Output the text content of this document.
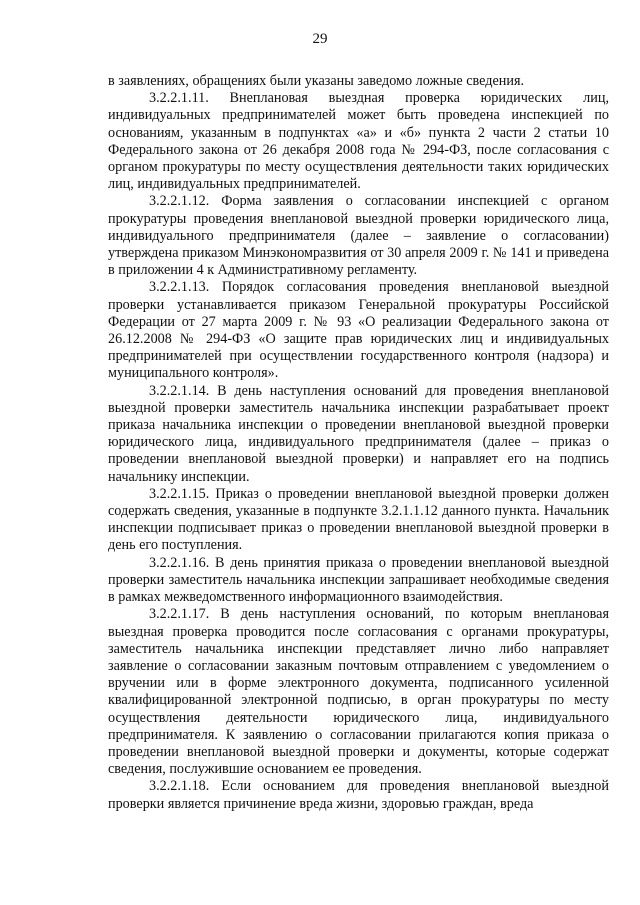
29

в заявлениях, обращениях были указаны заведомо ложные сведения.

3.2.2.1.11. Внеплановая выездная проверка юридических лиц, индивидуальных предпринимателей может быть проведена инспекцией по основаниям, указанным в подпунктах «а» и «б» пункта 2 части 2 статьи 10 Федерального закона от 26 декабря 2008 года № 294-ФЗ, после согласования с органом прокуратуры по месту осуществления деятельности таких юридических лиц, индивидуальных предпринимателей.

3.2.2.1.12. Форма заявления о согласовании инспекцией с органом прокуратуры проведения внеплановой выездной проверки юридического лица, индивидуального предпринимателя (далее – заявление о согласовании) утверждена приказом Минэкономразвития от 30 апреля 2009 г. № 141 и приведена в приложении 4 к Административному регламенту.

3.2.2.1.13. Порядок согласования проведения внеплановой выездной проверки устанавливается приказом Генеральной прокуратуры Российской Федерации от 27 марта 2009 г. № 93 «О реализации Федерального закона от 26.12.2008 № 294-ФЗ «О защите прав юридических лиц и индивидуальных предпринимателей при осуществлении государственного контроля (надзора) и муниципального контроля».

3.2.2.1.14. В день наступления оснований для проведения внеплановой выездной проверки заместитель начальника инспекции разрабатывает проект приказа начальника инспекции о проведении внеплановой выездной проверки юридического лица, индивидуального предпринимателя (далее – приказ о проведении внеплановой выездной проверки) и направляет его на подпись начальнику инспекции.

3.2.2.1.15. Приказ о проведении внеплановой выездной проверки должен содержать сведения, указанные в подпункте 3.2.1.1.12 данного пункта. Начальник инспекции подписывает приказ о проведении внеплановой выездной проверки в день его поступления.

3.2.2.1.16. В день принятия приказа о проведении внеплановой выездной проверки заместитель начальника инспекции запрашивает необходимые сведения в рамках межведомственного информационного взаимодействия.

3.2.2.1.17. В день наступления оснований, по которым внеплановая выездная проверка проводится после согласования с органами прокуратуры, заместитель начальника инспекции представляет лично либо направляет заявление о согласовании заказным почтовым отправлением с уведомлением о вручении или в форме электронного документа, подписанного усиленной квалифицированной электронной подписью, в орган прокуратуры по месту осуществления деятельности юридического лица, индивидуального предпринимателя. К заявлению о согласовании прилагаются копия приказа о проведении внеплановой выездной проверки и документы, которые содержат сведения, послужившие основанием ее проведения.

3.2.2.1.18. Если основанием для проведения внеплановой выездной проверки является причинение вреда жизни, здоровью граждан, вреда
